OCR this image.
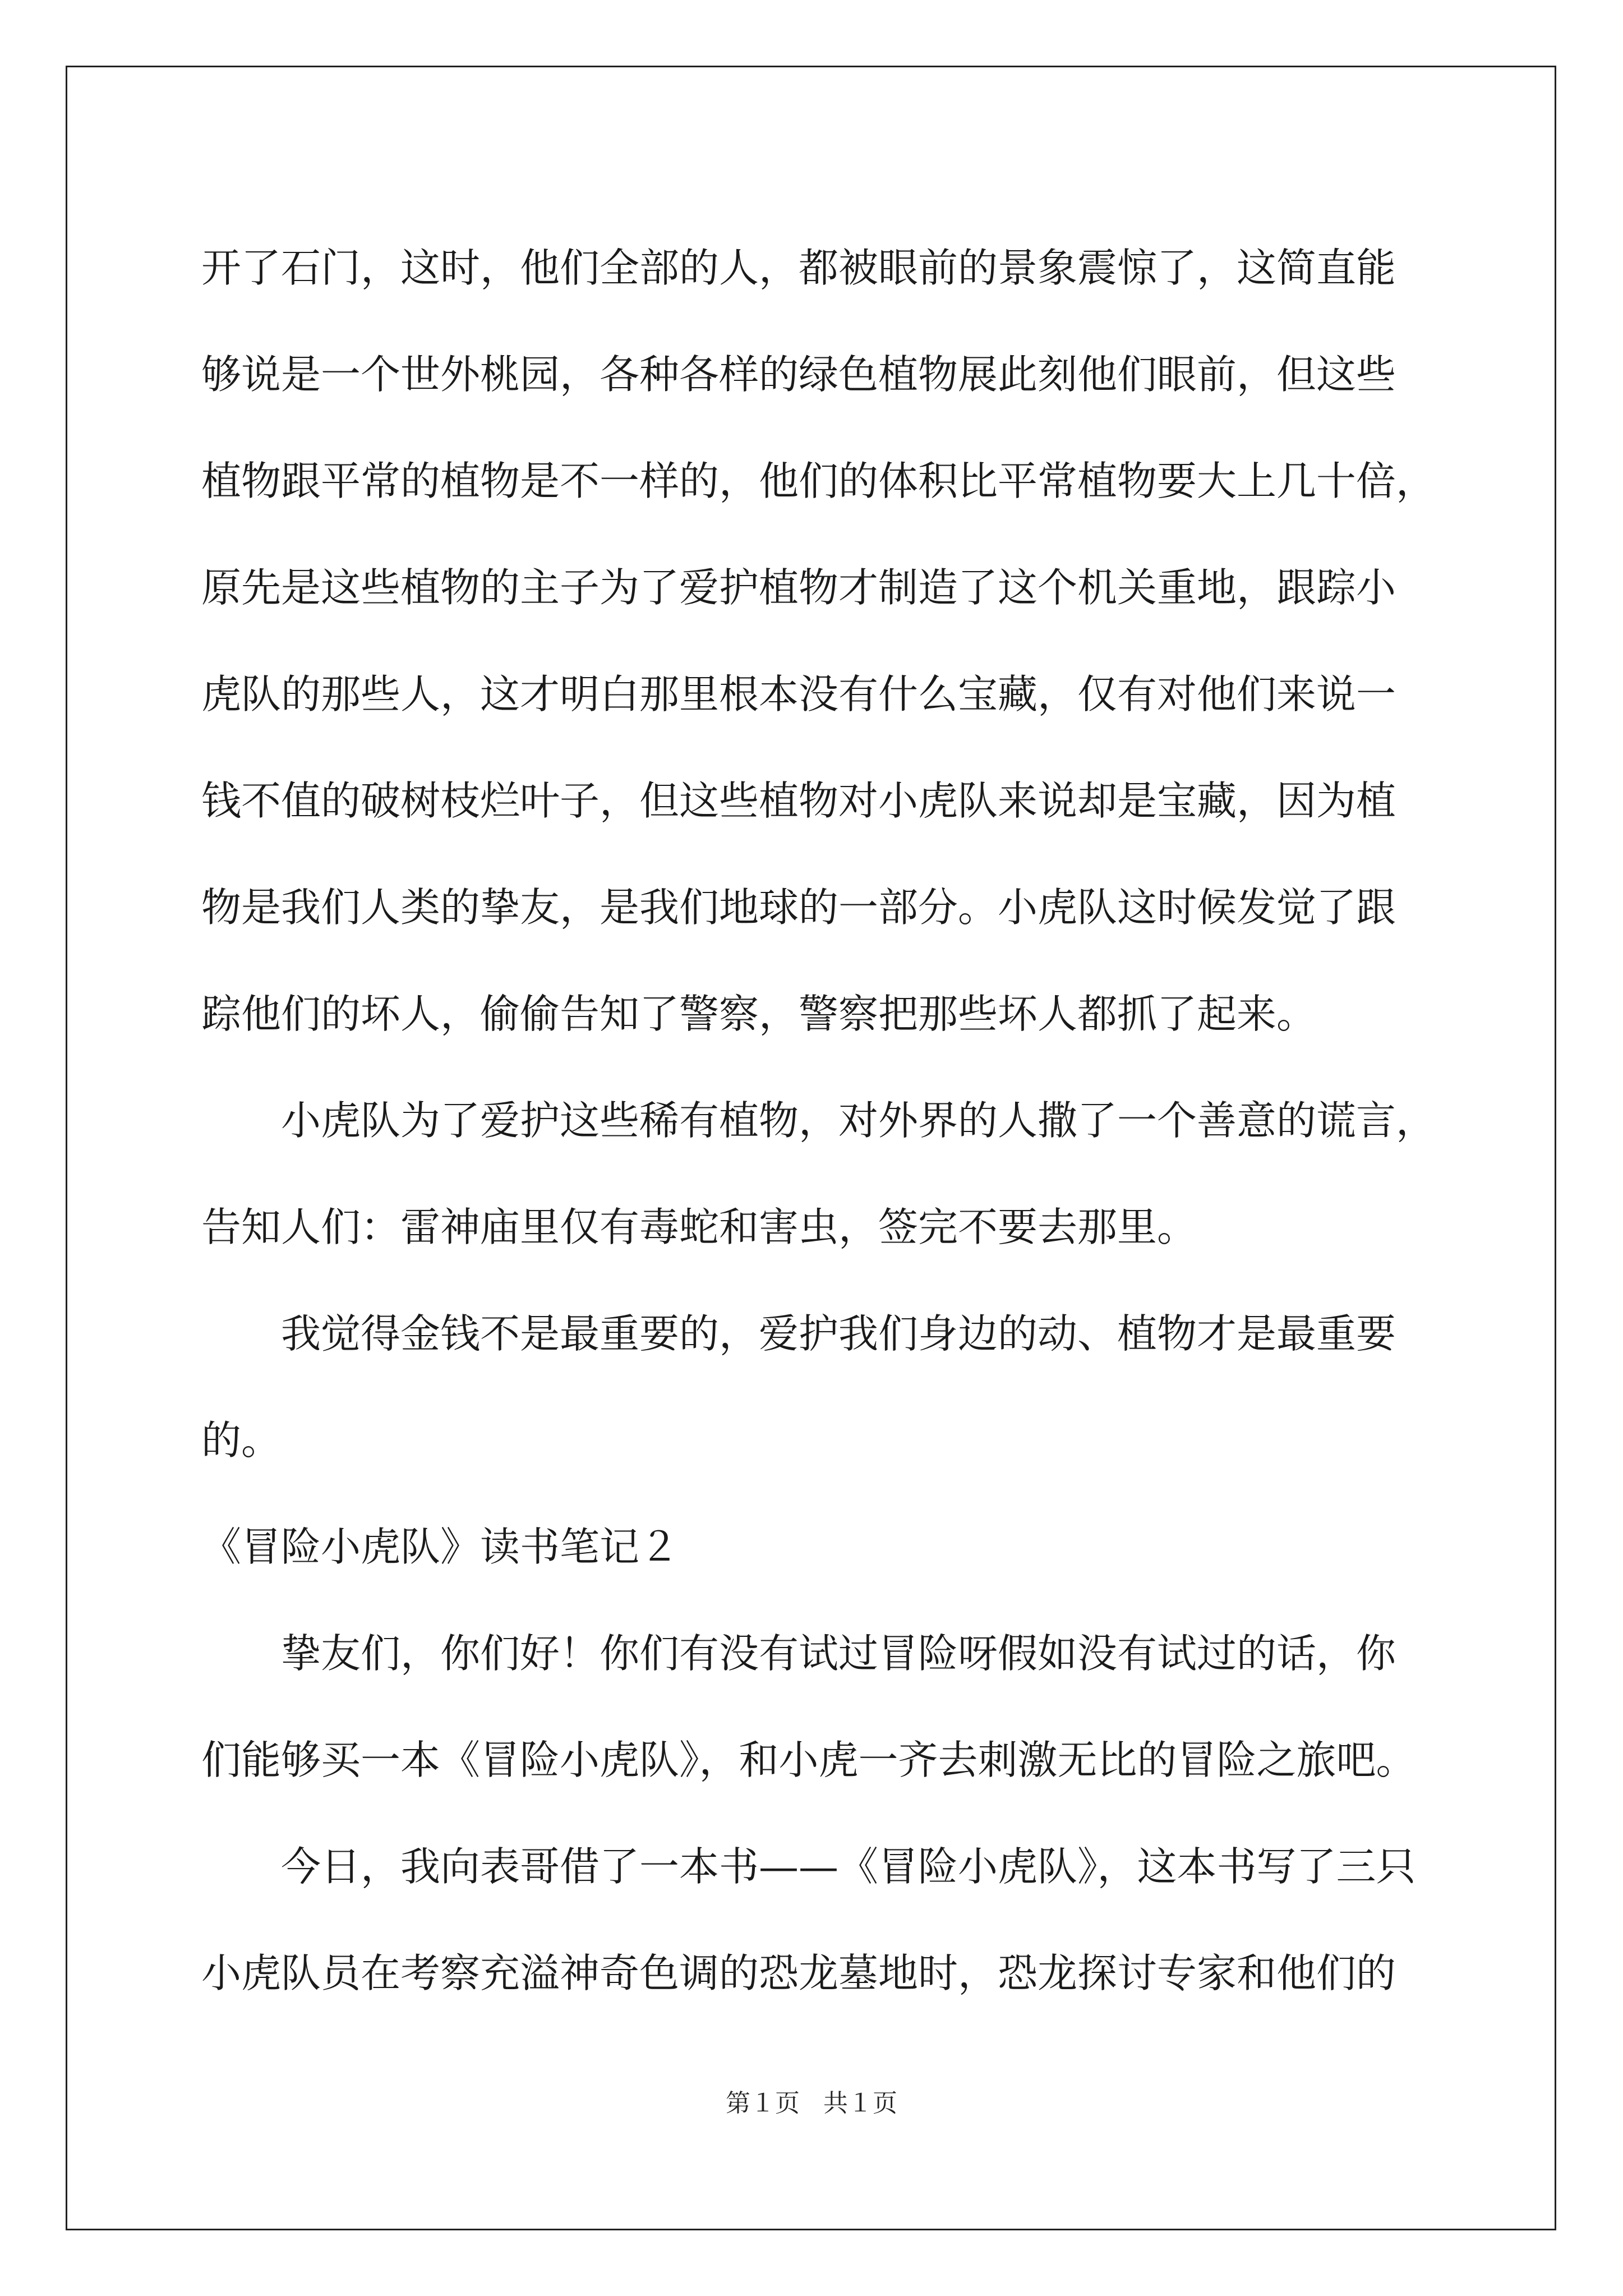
开了石门，这时，他们全部的人，都被眼前的景象震惊了，这简直能
够说是一个世外桃园，各种各样的绿色植物展此刻他们眼前，但这些
植物跟平常的植物是不一样的，他们的体积比平常植物要大上几十倍，
原先是这些植物的主子为了爱护植物才制造了这个机关重地，跟踪小
虎队的那些人，这才明白那里根本没有什么宝藏，仅有对他们来说一
钱不值的破树枝烂叶子，但这些植物对小虎队来说却是宝藏，因为植
物是我们人类的挚友，是我们地球的一部分。小虎队这时候发觉了跟
踪他们的坏人，偷偷告知了警察，警察把那些坏人都抓了起来。
小虎队为了爱护这些稀有植物，对外界的人撒了一个善意的谎言，
告知人们：雷神庙里仅有毒蛇和害虫，签完不要去那里。
我觉得金钱不是最重要的，爱护我们身边的动、植物才是最重要
的。
《冒险小虎队》读书笔记２
挚友们，你们好！你们有没有试过冒险呀假如没有试过的话，你
们能够买一本《冒险小虎队》，和小虎一齐去刺激无比的冒险之旅吧。
今日，我向表哥借了一本书——《冒险小虎队》，这本书写了三只
小虎队员在考察充溢神奇色调的恐龙墓地时，恐龙探讨专家和他们的
第１页   共１页
